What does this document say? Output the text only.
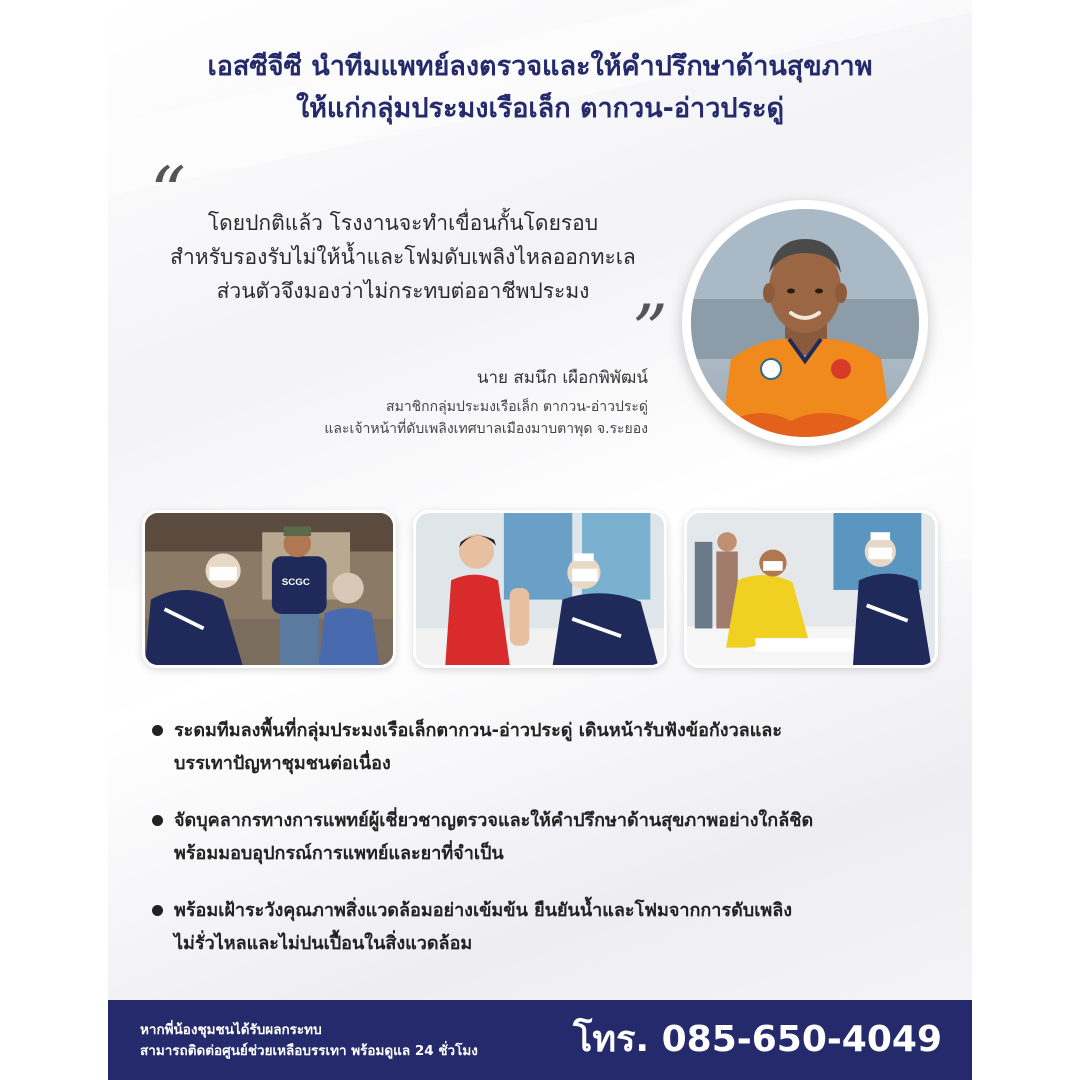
เอสซีจีซี นำทีมแพทย์ลงตรวจและให้คำปรึกษาด้านสุขภาพ
ให้แก่กลุ่มประมงเรือเล็ก ตากวน-อ่าวประดู่
“	โดยปกติแล้ว โรงงานจะทำเขื่อนกั้นโดยรอบ
สำหรับรองรับไม่ให้น้ำและโฟมดับเพลิงไหลออกทะเล
ส่วนตัวจึงมองว่าไม่กระทบต่ออาชีพประมง ”
นาย สมนึก เผือกพิพัฒน์
สมาชิกกลุ่มประมงเรือเล็ก ตากวน-อ่าวประดู่
และเจ้าหน้าที่ดับเพลิงเทศบาลเมืองมาบตาพุด จ.ระยอง
SCGC

ระดมทีมลงพื้นที่กลุ่มประมงเรือเล็กตากวน-อ่าวประดู่ เดินหน้ารับฟังข้อกังวลและ

บรรเทาปัญหาชุมชนต่อเนื่อง

จัดบุคลากรทางการแพทย์ผู้เชี่ยวชาญตรวจและให้คำปรึกษาด้านสุขภาพอย่างใกล้ชิด

พร้อมมอบอุปกรณ์การแพทย์และยาที่จำเป็น

พร้อมเฝ้าระวังคุณภาพสิ่งแวดล้อมอย่างเข้มข้น ยืนยันน้ำและโฟมจากการดับเพลิง

ไม่รั่วไหลและไม่ปนเปื้อนในสิ่งแวดล้อม

หากพี่น้องชุมชนได้รับผลกระทบ
สามารถติดต่อศูนย์ช่วยเหลือบรรเทา พร้อมดูแล 24 ชั่วโมง	โทร. 085-650-4049
